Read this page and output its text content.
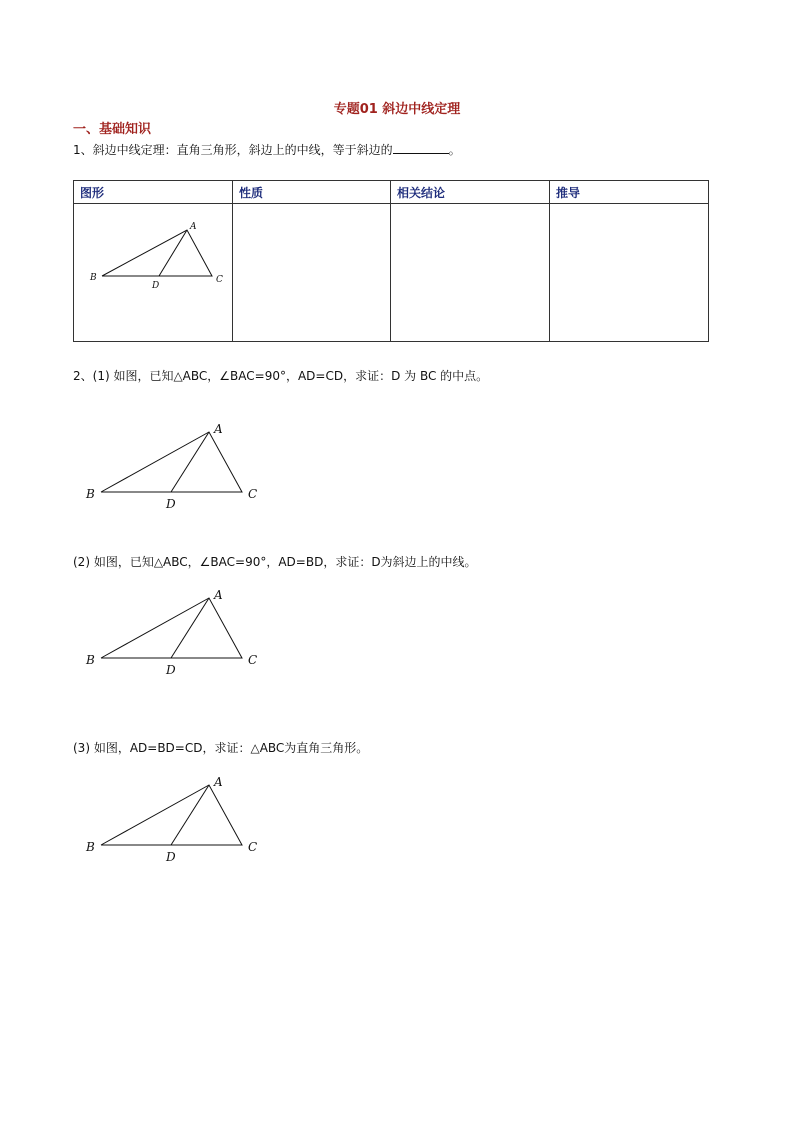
专题01 斜边中线定理
一、基础知识
1、斜边中线定理：直角三角形，斜边上的中线，等于斜边的	。
图形	性质	相关结论	推导

A
B	C
D
2、(1) 如图，已知△ABC，∠BAC=90°，AD=CD，求证：D 为 BC 的中点。
A
B	C
D
(2) 如图，已知△ABC，∠BAC=90°，AD=BD，求证：D为斜边上的中线。
A
B	C
D
(3) 如图，AD=BD=CD，求证：△ABC为直角三角形。
A
B	C
D
